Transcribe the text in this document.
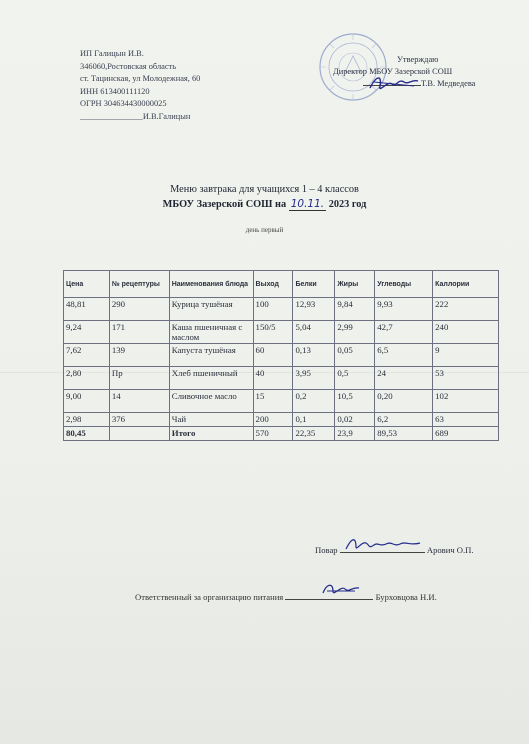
ИП Галицын И.В.
346060,Ростовская область
ст. Тацинская, ул Молодежная, 60
ИНН 613400111120
ОГРН 304634430000025
_______________И.В.Галицын
Утверждаю
Директор МБОУ Зазерской СОШ
Т.В. Медведева
Меню завтрака для учащихся 1 – 4 классов
МБОУ Зазерской СОШ на 10.11. 2023 год
день первый
Цена	№ рецептуры	Наименования блюда	Выход	Белки	Жиры	Углеводы	Каллории
48,81	290	Курица тушёная	100	12,93	9,84	9,93	222
9,24	171	Каша пшеничная с маслом	150/5	5,04	2,99	42,7	240
7,62	139	Капуста тушёная	60	0,13	0,05	6,5	9
2,80	Пр	Хлеб пшеничный	40	3,95	0,5	24	53
9,00	14	Сливочное масло	15	0,2	10,5	0,20	102
2,98	376	Чай	200	0,1	0,02	6,2	63
80,45		Итого	570	22,35	23,9	89,53	689
Повар	Арович О.П.
Ответственный за организацию питания	Бурховцова Н.И.
